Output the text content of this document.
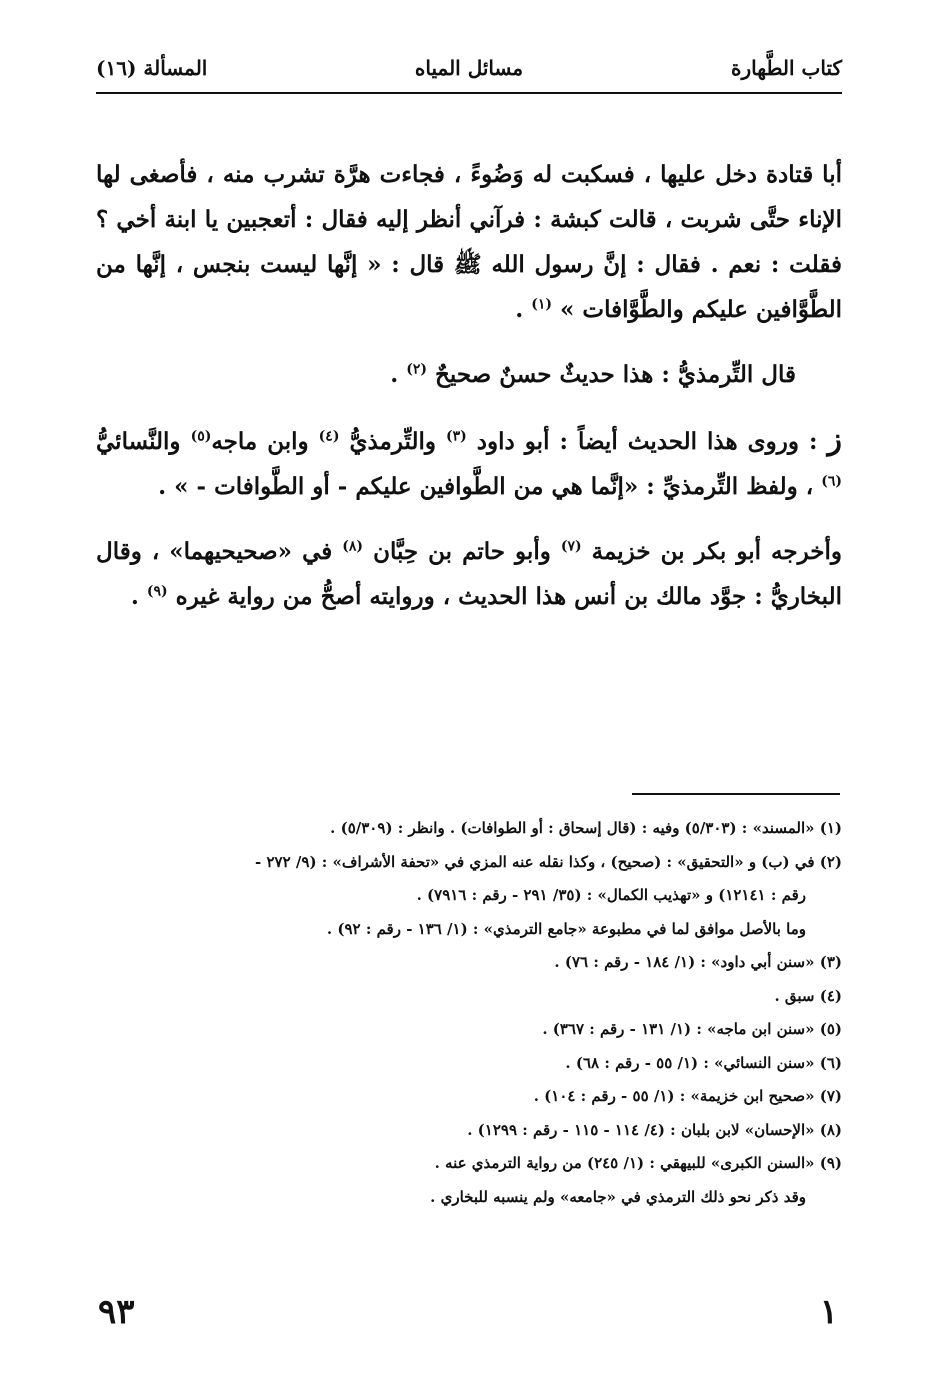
كتاب الطَّهارة
مسائل المياه
المسألة (١٦)

أبا قتادة دخل عليها ، فسكبت له وَضُوءً ، فجاءت هرَّة تشرب منه ، فأصغى لها الإناء حتَّى شربت ، قالت كبشة : فرآني أنظر إليه فقال : أتعجبين يا ابنة أخي ؟ فقلت : نعم . فقال : إنَّ رسول الله ﷺ قال : « إنَّها ليست بنجس ، إنَّها من الطَّوَّافين عليكم والطَّوَّافات » $^{(١)}$ .

قال التِّرمذيُّ : هذا حديثٌ حسنٌ صحيحٌ $^{(٢)}$ .

ز : وروى هذا الحديث أيضاً : أبو داود $^{(٣)}$ والتِّرمذيُّ $^{(٤)}$ وابن ماجه$^{(٥)}$ والنَّسائيُّ $^{(٦)}$ ، ولفظ التِّرمذيِّ : «إنَّما هي من الطَّوافين عليكم - أو الطَّوافات - » .

وأخرجه أبو بكر بن خزيمة $^{(٧)}$ وأبو حاتم بن حِبَّان $^{(٨)}$ في «صحيحيهما» ، وقال البخاريُّ : جوَّد مالك بن أنس هذا الحديث ، وروايته أصحُّ من رواية غيره $^{(٩)}$ .

(١) «المسند» : (٥/٣٠٣) وفيه : (قال إسحاق : أو الطوافات) . وانظر : (٥/٣٠٩) .
(٢) في (ب) و «التحقيق» : (صحيح) ، وكذا نقله عنه المزي في «تحفة الأشراف» : (٩/ ٢٧٢ -
رقم : ١٢١٤١) و «تهذيب الكمال» : (٣٥/ ٢٩١ - رقم : ٧٩١٦) .
وما بالأصل موافق لما في مطبوعة «جامع الترمذي» : (١/ ١٣٦ - رقم : ٩٢) .
(٣) «سنن أبي داود» : (١/ ١٨٤ - رقم : ٧٦) .
(٤) سبق .
(٥) «سنن ابن ماجه» : (١/ ١٣١ - رقم : ٣٦٧) .
(٦) «سنن النسائي» : (١/ ٥٥ - رقم : ٦٨) .
(٧) «صحيح ابن خزيمة» : (١/ ٥٥ - رقم : ١٠٤) .
(٨) «الإحسان» لابن بلبان : (٤/ ١١٤ - ١١٥ - رقم : ١٢٩٩) .
(٩) «السنن الكبرى» للبيهقي : (١/ ٢٤٥) من رواية الترمذي عنه .
وقد ذكر نحو ذلك الترمذي في «جامعه» ولم ينسبه للبخاري .
٩٣	١
